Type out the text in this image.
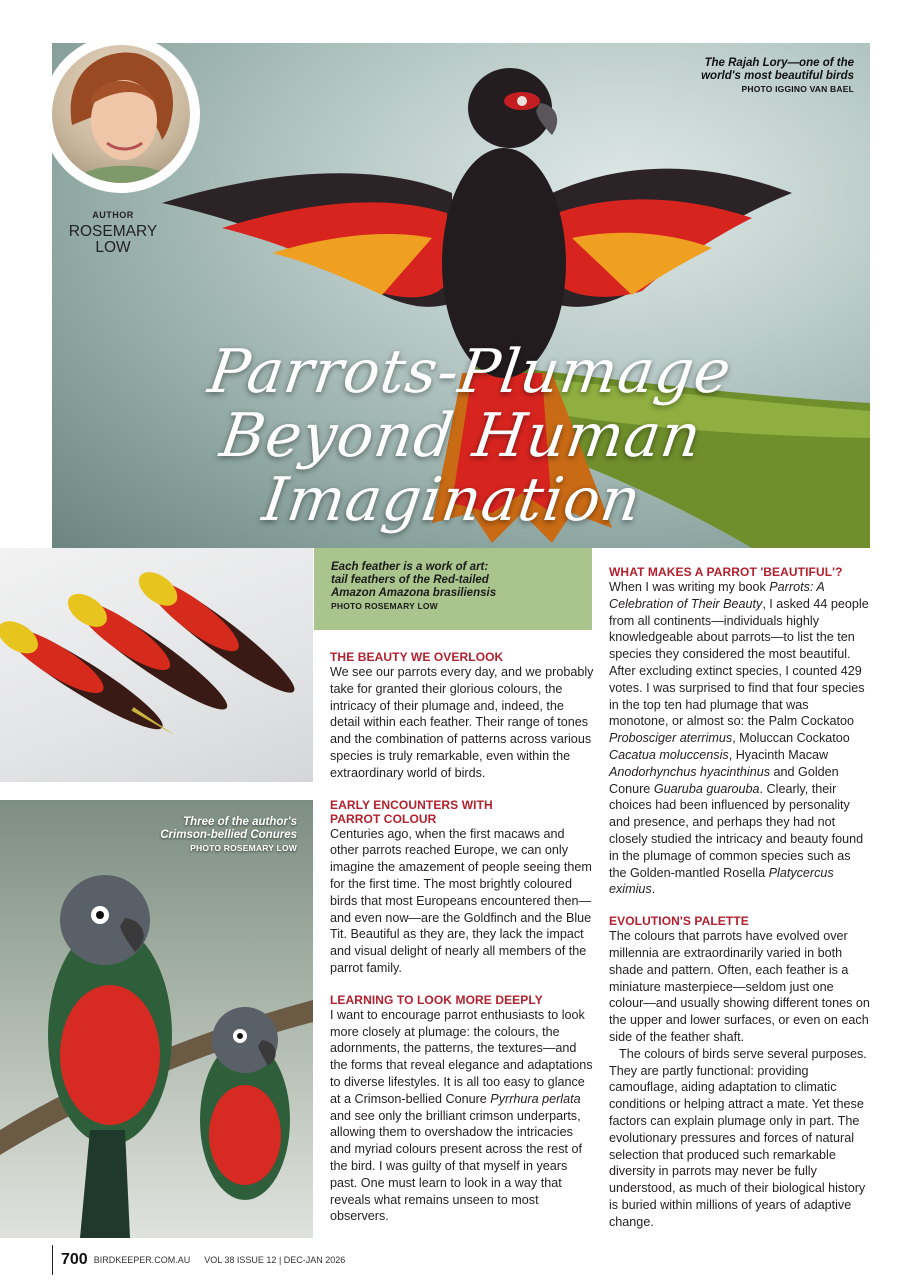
The Rajah Lory—one of the
world's most beautiful birds
PHOTO IGGINO VAN BAEL
Parrots-Plumage
Beyond Human Imagination
AUTHOR
ROSEMARY
LOW
Each feather is a work of art:
tail feathers of the Red-tailed
Amazon Amazona brasiliensis
PHOTO ROSEMARY LOW
Three of the author's
Crimson-bellied Conures
PHOTO ROSEMARY LOW
THE BEAUTY WE OVERLOOK

We see our parrots every day, and we probably take for granted their glorious colours, the intricacy of their plumage and, indeed, the detail within each feather. Their range of tones and the combination of patterns across various species is truly remarkable, even within the extraordinary world of birds.

EARLY ENCOUNTERS WITH
PARROT COLOUR

Centuries ago, when the first macaws and other parrots reached Europe, we can only imagine the amazement of people seeing them for the first time. The most brightly coloured birds that most Europeans encountered then—and even now—are the Goldfinch and the Blue Tit. Beautiful as they are, they lack the impact and visual delight of nearly all members of the parrot family.

LEARNING TO LOOK MORE DEEPLY

I want to encourage parrot enthusiasts to look more closely at plumage: the colours, the adornments, the patterns, the textures—and the forms that reveal elegance and adaptations to diverse lifestyles. It is all too easy to glance at a Crimson-bellied Conure Pyrrhura perlata and see only the brilliant crimson underparts, allowing them to overshadow the intricacies and myriad colours present across the rest of the bird. I was guilty of that myself in years past. One must learn to look in a way that reveals what remains unseen to most observers.

WHAT MAKES A PARROT 'BEAUTIFUL'?

When I was writing my book Parrots: A Celebration of Their Beauty, I asked 44 people from all continents—individuals highly knowledgeable about parrots—to list the ten species they considered the most beautiful. After excluding extinct species, I counted 429 votes. I was surprised to find that four species in the top ten had plumage that was monotone, or almost so: the Palm Cockatoo Probosciger aterrimus, Moluccan Cockatoo Cacatua moluccensis, Hyacinth Macaw Anodorhynchus hyacinthinus and Golden Conure Guaruba guarouba. Clearly, their choices had been influenced by personality and presence, and perhaps they had not closely studied the intricacy and beauty found in the plumage of common species such as the Golden-mantled Rosella Platycercus eximius.

EVOLUTION'S PALETTE

The colours that parrots have evolved over millennia are extraordinarily varied in both shade and pattern. Often, each feather is a miniature masterpiece—seldom just one colour—and usually showing different tones on the upper and lower surfaces, or even on each side of the feather shaft.

The colours of birds serve several purposes. They are partly functional: providing camouflage, aiding adaptation to climatic conditions or helping attract a mate. Yet these factors can explain plumage only in part. The evolutionary pressures and forces of natural selection that produced such remarkable diversity in parrots may never be fully understood, as much of their biological history is buried within millions of years of adaptive change.

700 BIRDKEEPER.COM.AU VOL 38 ISSUE 12 | DEC-JAN 2026
